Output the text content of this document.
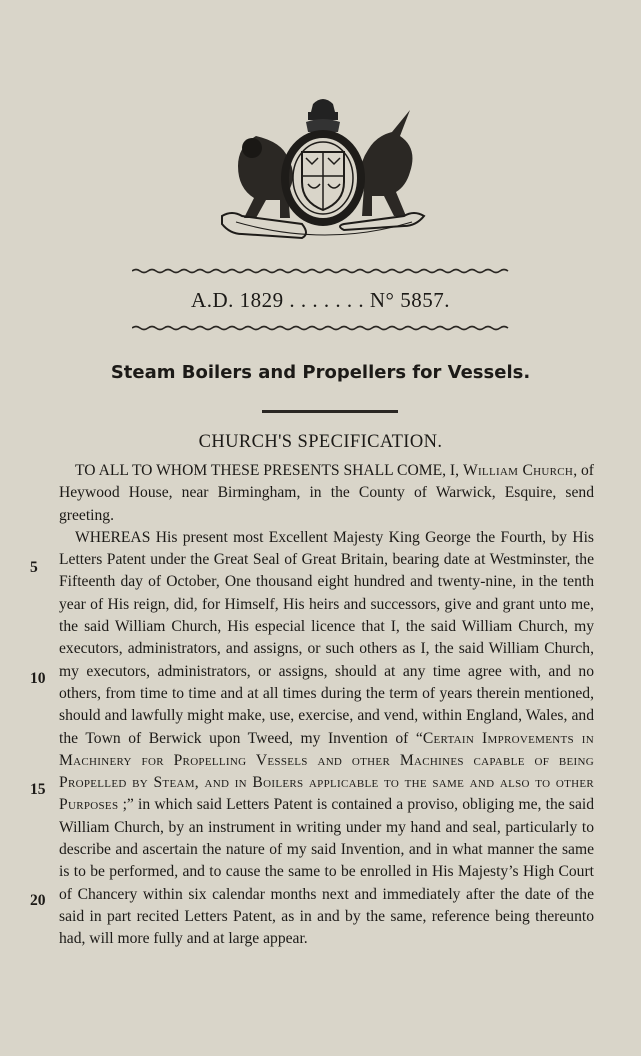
A.D. 1829 . . . . . . . N° 5857.
Steam Boilers and Propellers for Vessels.
CHURCH'S SPECIFICATION.

TO ALL TO WHOM THESE PRESENTS SHALL COME, I, William Church, of Heywood House, near Birmingham, in the County of Warwick, Esquire, send greeting.

WHEREAS His present most Excellent Majesty King George the Fourth, by His Letters Patent under the Great Seal of Great Britain, bearing date at Westminster, the Fifteenth day of October, One thousand eight hundred and twenty-nine, in the tenth year of His reign, did, for Himself, His heirs and successors, give and grant unto me, the said William Church, His especial licence that I, the said William Church, my executors, administrators, and assigns, or such others as I, the said William Church, my executors, administrators, or assigns, should at any time agree with, and no others, from time to time and at all times during the term of years therein mentioned, should and lawfully might make, use, exercise, and vend, within England, Wales, and the Town of Berwick upon Tweed, my Invention of “Certain Improvements in Machinery for Propelling Vessels and other Machines capable of being Propelled by Steam, and in Boilers applicable to the same and also to other Purposes ;” in which said Letters Patent is contained a proviso, obliging me, the said William Church, by an instrument in writing under my hand and seal, particularly to describe and ascertain the nature of my said Invention, and in what manner the same is to be performed, and to cause the same to be enrolled in His Majesty’s High Court of Chancery within six calendar months next and immediately after the date of the said in part recited Letters Patent, as in and by the same, reference being thereunto had, will more fully and at large appear.

5
10
15
20
